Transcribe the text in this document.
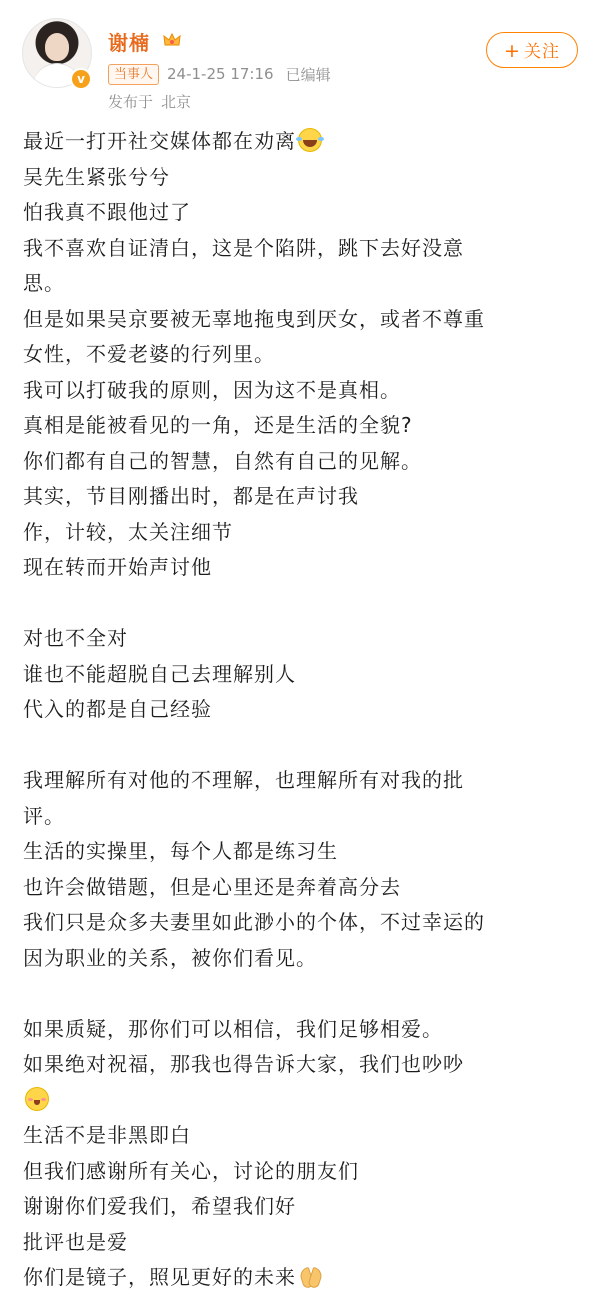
v
谢楠
当事人 24-1-25 17:16 已编辑
发布于 北京
+ 关注
最近一打开社交媒体都在劝离
吴先生紧张兮兮
怕我真不跟他过了
我不喜欢自证清白，这是个陷阱，跳下去好没意
思。
但是如果吴京要被无辜地拖曳到厌女，或者不尊重
女性，不爱老婆的行列里。
我可以打破我的原则，因为这不是真相。
真相是能被看见的一角，还是生活的全貌?
你们都有自己的智慧，自然有自己的见解。
其实，节目刚播出时，都是在声讨我
作，计较，太关注细节
现在转而开始声讨他
对也不全对
谁也不能超脱自己去理解别人
代入的都是自己经验
我理解所有对他的不理解，也理解所有对我的批
评。
生活的实操里，每个人都是练习生
也许会做错题，但是心里还是奔着高分去
我们只是众多夫妻里如此渺小的个体，不过幸运的
因为职业的关系，被你们看见。
如果质疑，那你们可以相信，我们足够相爱。
如果绝对祝福，那我也得告诉大家，我们也吵吵
生活不是非黑即白
但我们感谢所有关心，讨论的朋友们
谢谢你们爱我们，希望我们好
批评也是爱
你们是镜子，照见更好的未来
